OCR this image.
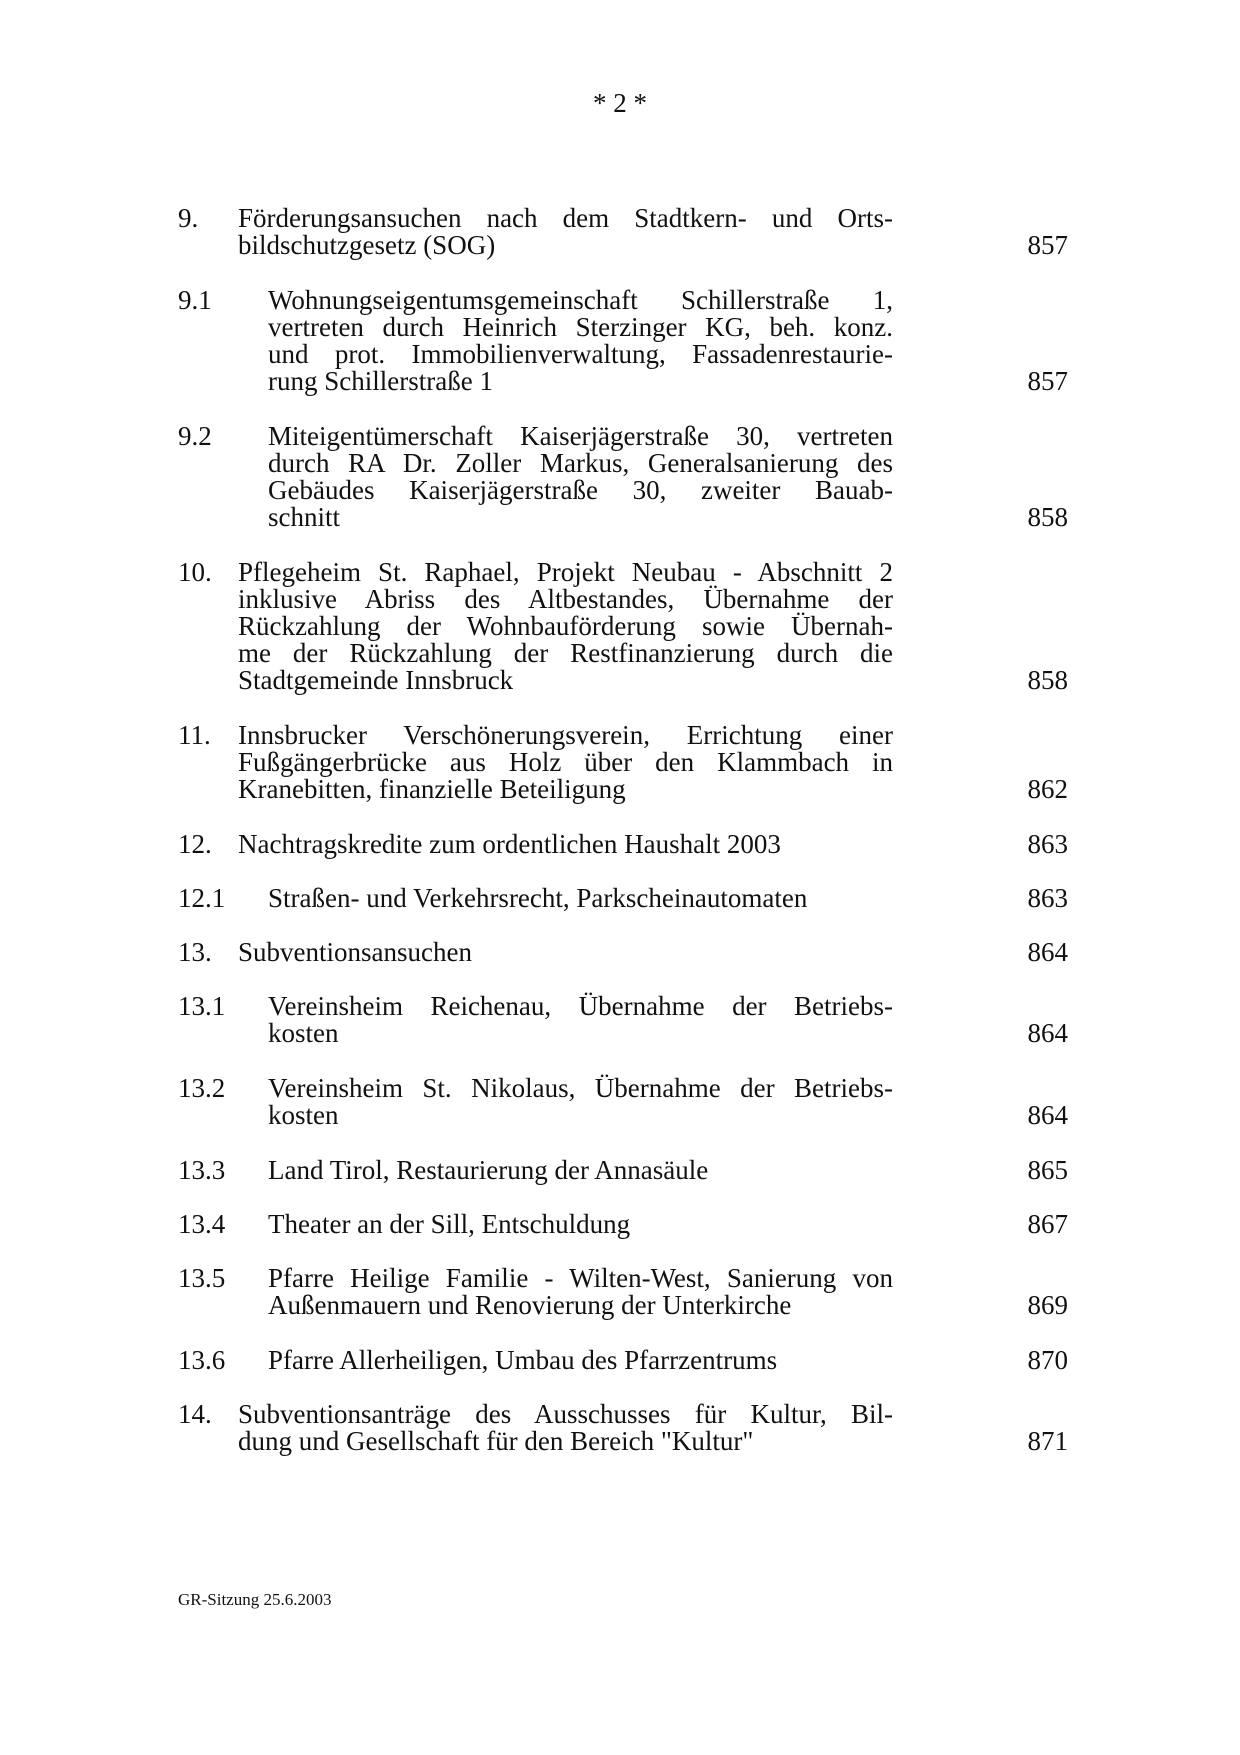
* 2 *
9. Förderungsansuchen nach dem Stadtkern- und Orts-
bildschutzgesetz (SOG)	857
9.1 Wohnungseigentumsgemeinschaft Schillerstraße 1,
vertreten durch Heinrich Sterzinger KG, beh. konz.
und prot. Immobilienverwaltung, Fassadenrestaurie-
rung Schillerstraße 1	857
9.2 Miteigentümerschaft Kaiserjägerstraße 30, vertreten
durch RA Dr. Zoller Markus, Generalsanierung des
Gebäudes Kaiserjägerstraße 30, zweiter Bauab-
schnitt	858
10. Pflegeheim St. Raphael, Projekt Neubau - Abschnitt 2
inklusive Abriss des Altbestandes, Übernahme der
Rückzahlung der Wohnbauförderung sowie Übernah-
me der Rückzahlung der Restfinanzierung durch die
Stadtgemeinde Innsbruck	858
11. Innsbrucker Verschönerungsverein, Errichtung einer
Fußgängerbrücke aus Holz über den Klammbach in
Kranebitten, finanzielle Beteiligung	862
12. Nachtragskredite zum ordentlichen Haushalt 2003	863
12.1 Straßen- und Verkehrsrecht, Parkscheinautomaten	863
13. Subventionsansuchen	864
13.1 Vereinsheim Reichenau, Übernahme der Betriebs-
kosten	864
13.2 Vereinsheim St. Nikolaus, Übernahme der Betriebs-
kosten	864
13.3 Land Tirol, Restaurierung der Annasäule	865
13.4 Theater an der Sill, Entschuldung	867
13.5 Pfarre Heilige Familie - Wilten-West, Sanierung von
Außenmauern und Renovierung der Unterkirche	869
13.6 Pfarre Allerheiligen, Umbau des Pfarrzentrums	870
14. Subventionsanträge des Ausschusses für Kultur, Bil-
dung und Gesellschaft für den Bereich "Kultur"	871
GR-Sitzung 25.6.2003
